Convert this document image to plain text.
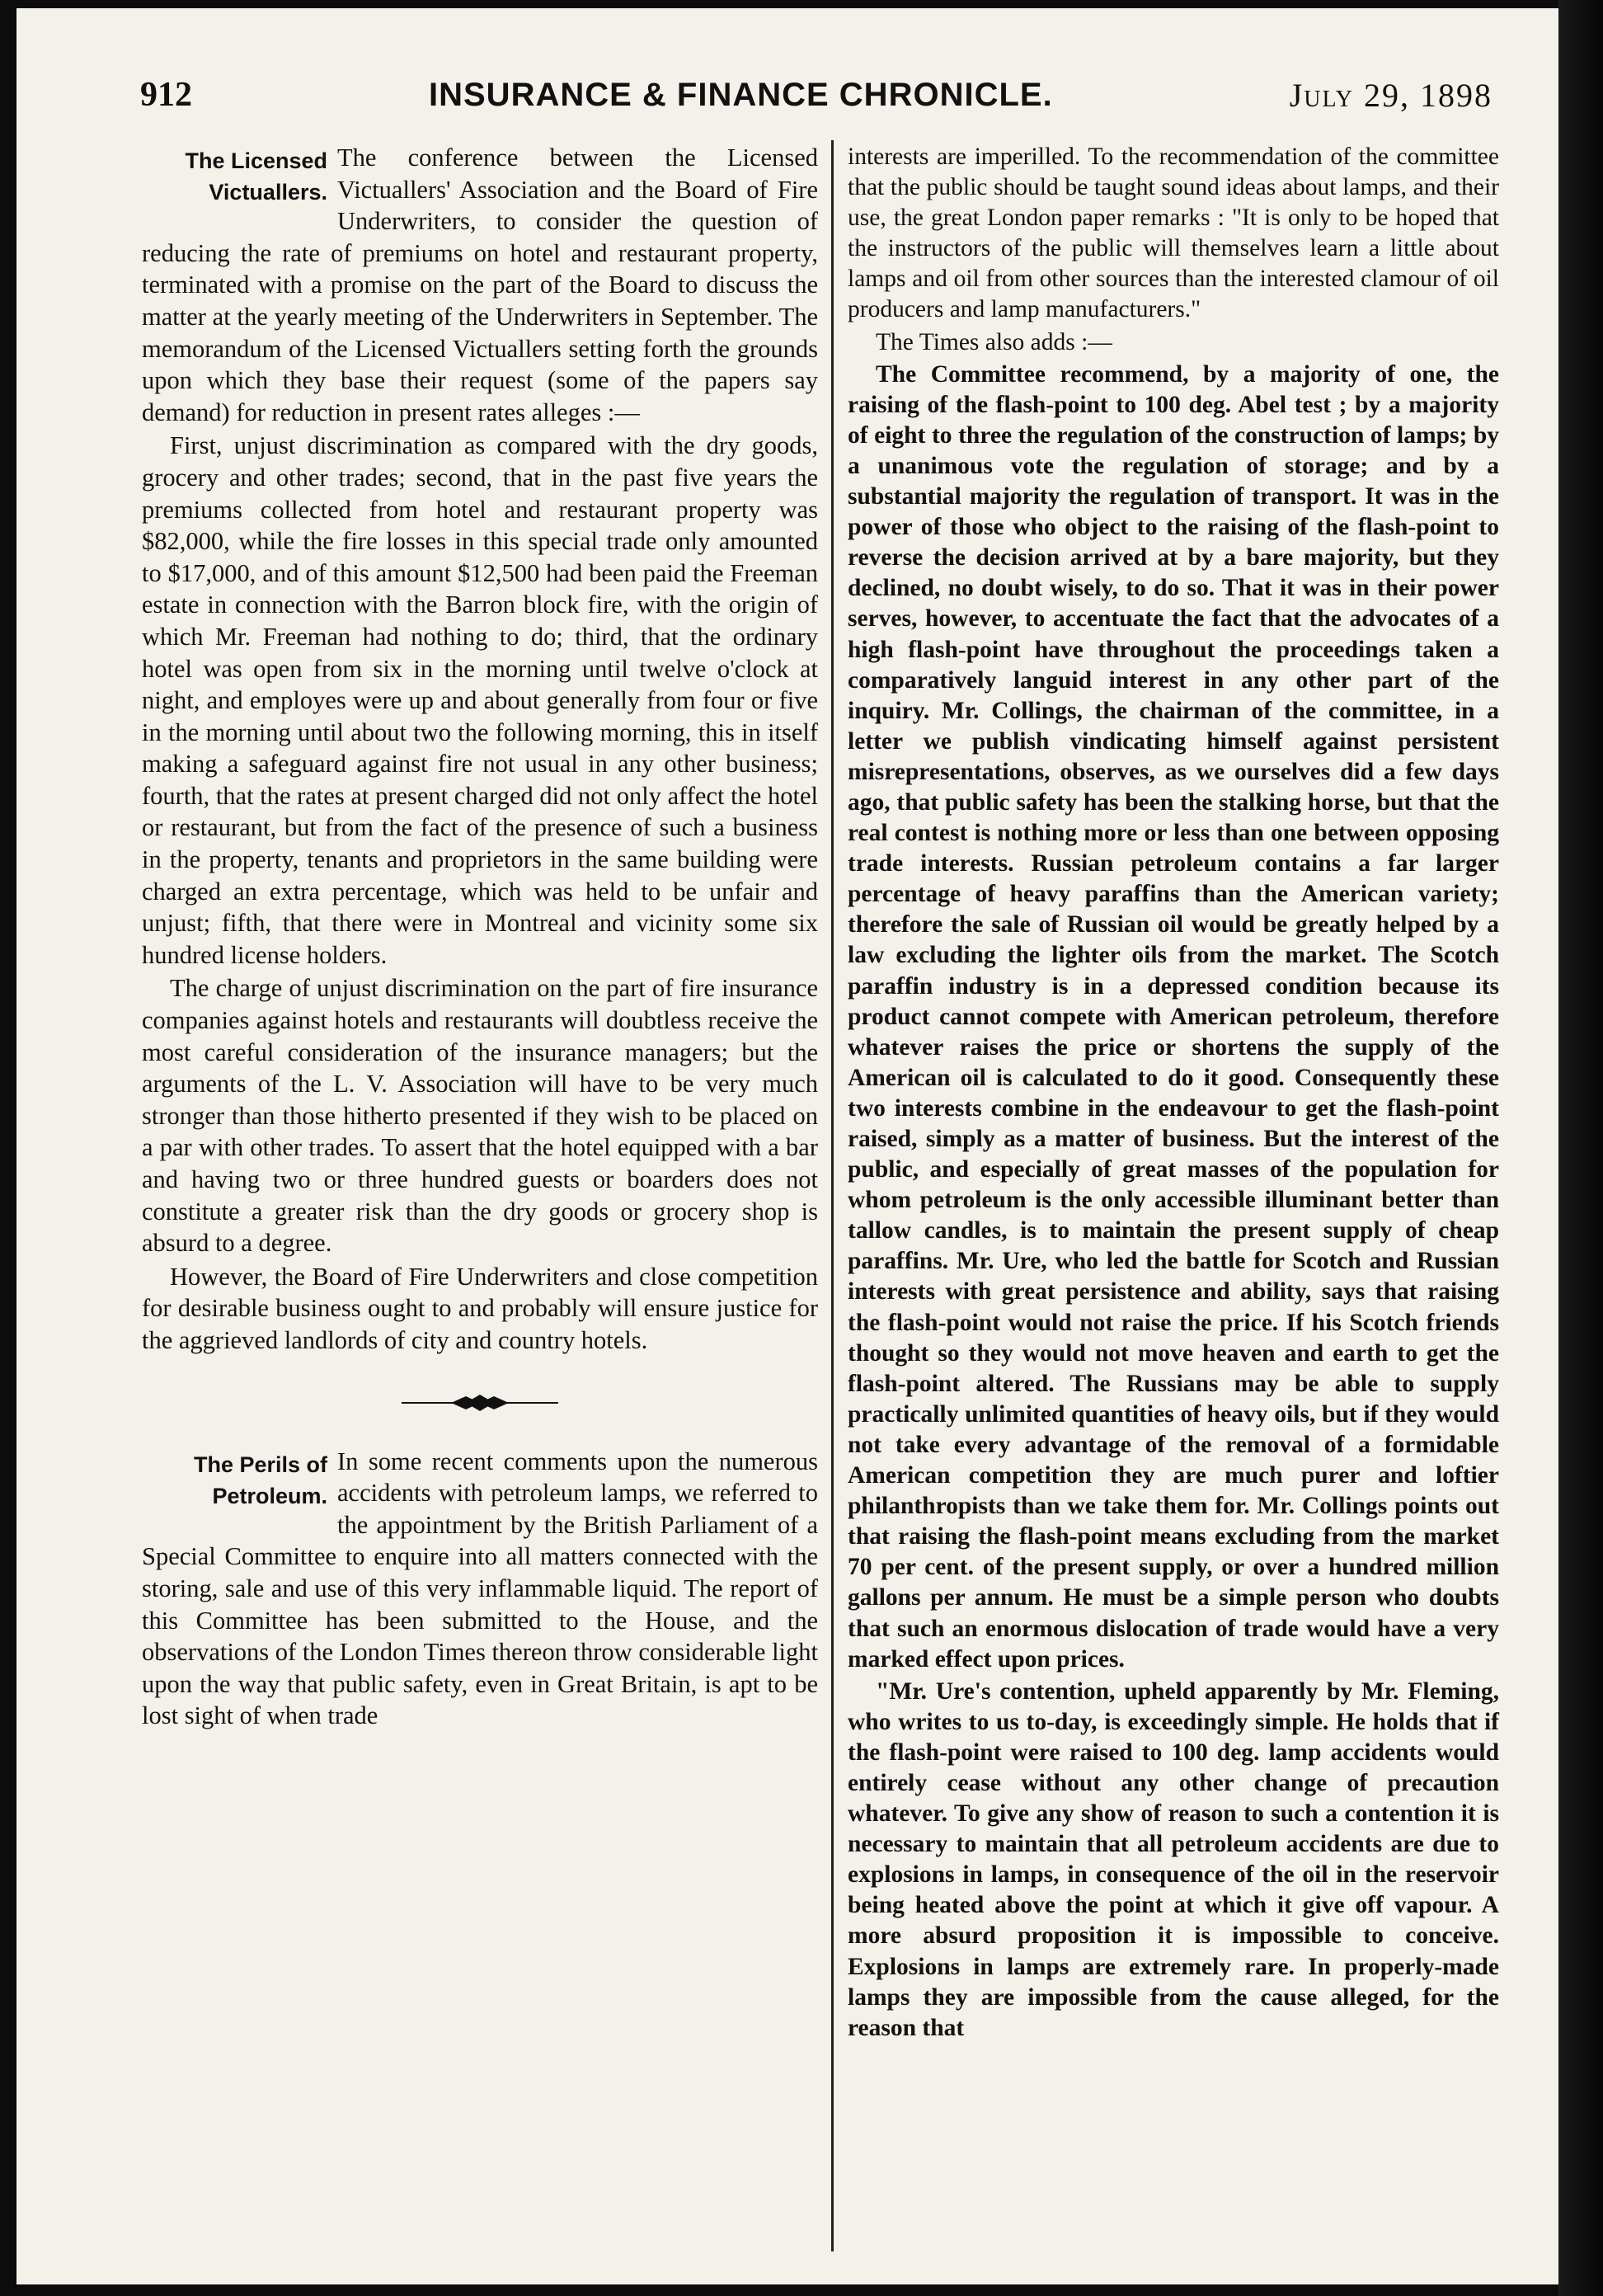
912	INSURANCE & FINANCE CHRONICLE.	July 29, 1898
The Licensed
Victuallers.

The conference between the Licensed Victuallers' Association and the Board of Fire Underwriters, to consider the question of reducing the rate of premiums on hotel and restaurant property, terminated with a promise on the part of the Board to discuss the matter at the yearly meeting of the Underwriters in September. The memorandum of the Licensed Victuallers setting forth the grounds upon which they base their request (some of the papers say demand) for reduction in present rates alleges :—

First, unjust discrimination as compared with the dry goods, grocery and other trades; second, that in the past five years the premiums collected from hotel and restaurant property was $82,000, while the fire losses in this special trade only amounted to $17,000, and of this amount $12,500 had been paid the Freeman estate in connection with the Barron block fire, with the origin of which Mr. Freeman had nothing to do; third, that the ordinary hotel was open from six in the morning until twelve o'clock at night, and employes were up and about generally from four or five in the morning until about two the following morning, this in itself making a safeguard against fire not usual in any other business; fourth, that the rates at present charged did not only affect the hotel or restaurant, but from the fact of the presence of such a business in the property, tenants and proprietors in the same building were charged an extra percentage, which was held to be unfair and unjust; fifth, that there were in Montreal and vicinity some six hundred license holders.

The charge of unjust discrimination on the part of fire insurance companies against hotels and restaurants will doubtless receive the most careful consideration of the insurance managers; but the arguments of the L. V. Association will have to be very much stronger than those hitherto presented if they wish to be placed on a par with other trades. To assert that the hotel equipped with a bar and having two or three hundred guests or boarders does not constitute a greater risk than the dry goods or grocery shop is absurd to a degree.

However, the Board of Fire Underwriters and close competition for desirable business ought to and probably will ensure justice for the aggrieved landlords of city and country hotels.

The Perils of
Petroleum.

In some recent comments upon the numerous accidents with petroleum lamps, we referred to the appointment by the British Parliament of a Special Committee to enquire into all matters connected with the storing, sale and use of this very inflammable liquid. The report of this Committee has been submitted to the House, and the observations of the London Times thereon throw considerable light upon the way that public safety, even in Great Britain, is apt to be lost sight of when trade

interests are imperilled. To the recommendation of the committee that the public should be taught sound ideas about lamps, and their use, the great London paper remarks : "It is only to be hoped that the instructors of the public will themselves learn a little about lamps and oil from other sources than the interested clamour of oil producers and lamp manufacturers."

The Times also adds :—

The Committee recommend, by a majority of one, the raising of the flash-point to 100 deg. Abel test ; by a majority of eight to three the regulation of the construction of lamps; by a unanimous vote the regulation of storage; and by a substantial majority the regulation of transport. It was in the power of those who object to the raising of the flash-point to reverse the decision arrived at by a bare majority, but they declined, no doubt wisely, to do so. That it was in their power serves, however, to accentuate the fact that the advocates of a high flash-point have throughout the proceedings taken a comparatively languid interest in any other part of the inquiry. Mr. Collings, the chairman of the committee, in a letter we publish vindicating himself against persistent misrepresentations, observes, as we ourselves did a few days ago, that public safety has been the stalking horse, but that the real contest is nothing more or less than one between opposing trade interests. Russian petroleum contains a far larger percentage of heavy paraffins than the American variety; therefore the sale of Russian oil would be greatly helped by a law excluding the lighter oils from the market. The Scotch paraffin industry is in a depressed condition because its product cannot compete with American petroleum, therefore whatever raises the price or shortens the supply of the American oil is calculated to do it good. Consequently these two interests combine in the endeavour to get the flash-point raised, simply as a matter of business. But the interest of the public, and especially of great masses of the population for whom petroleum is the only accessible illuminant better than tallow candles, is to maintain the present supply of cheap paraffins. Mr. Ure, who led the battle for Scotch and Russian interests with great persistence and ability, says that raising the flash-point would not raise the price. If his Scotch friends thought so they would not move heaven and earth to get the flash-point altered. The Russians may be able to supply practically unlimited quantities of heavy oils, but if they would not take every advantage of the removal of a formidable American competition they are much purer and loftier philanthropists than we take them for. Mr. Collings points out that raising the flash-point means excluding from the market 70 per cent. of the present supply, or over a hundred million gallons per annum. He must be a simple person who doubts that such an enormous dislocation of trade would have a very marked effect upon prices.

"Mr. Ure's contention, upheld apparently by Mr. Fleming, who writes to us to-day, is exceedingly simple. He holds that if the flash-point were raised to 100 deg. lamp accidents would entirely cease without any other change of precaution whatever. To give any show of reason to such a contention it is necessary to maintain that all petroleum accidents are due to explosions in lamps, in consequence of the oil in the reservoir being heated above the point at which it give off vapour. A more absurd proposition it is impossible to conceive. Explosions in lamps are extremely rare. In properly-made lamps they are impossible from the cause alleged, for the reason that
